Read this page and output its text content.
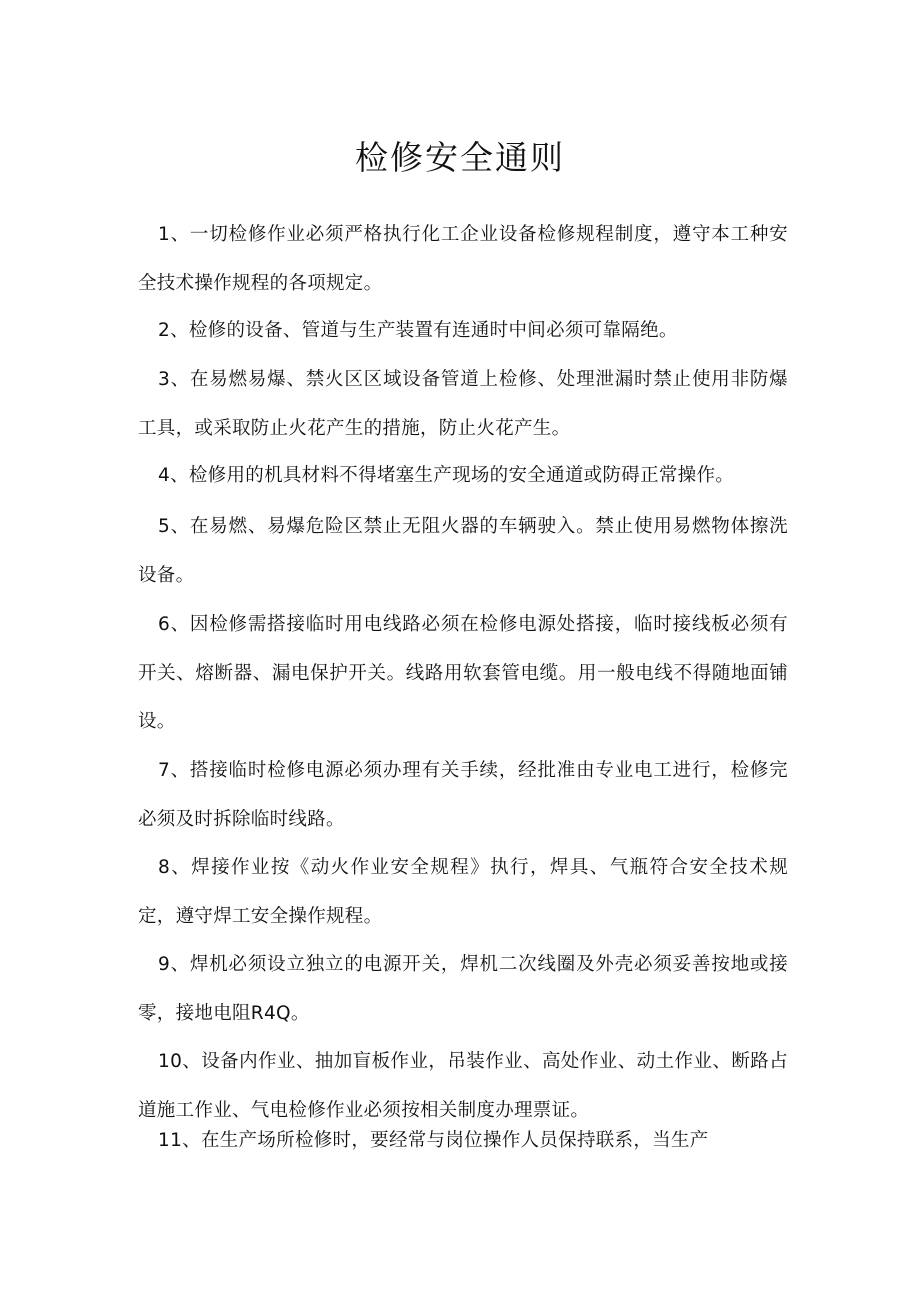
检修安全通则

1、一切检修作业必须严格执行化工企业设备检修规程制度，遵守本工种安全技术操作规程的各项规定。

2、检修的设备、管道与生产装置有连通时中间必须可靠隔绝。

3、在易燃易爆、禁火区区域设备管道上检修、处理泄漏时禁止使用非防爆工具，或采取防止火花产生的措施，防止火花产生。

4、检修用的机具材料不得堵塞生产现场的安全通道或防碍正常操作。

5、在易燃、易爆危险区禁止无阻火器的车辆驶入。禁止使用易燃物体擦洗设备。

6、因检修需搭接临时用电线路必须在检修电源处搭接，临时接线板必须有开关、熔断器、漏电保护开关。线路用软套管电缆。用一般电线不得随地面铺设。

7、搭接临时检修电源必须办理有关手续，经批准由专业电工进行，检修完必须及时拆除临时线路。

8、焊接作业按《动火作业安全规程》执行，焊具、气瓶符合安全技术规定，遵守焊工安全操作规程。

9、焊机必须设立独立的电源开关，焊机二次线圈及外壳必须妥善按地或接零，接地电阻R4Q。

10、设备内作业、抽加盲板作业，吊装作业、高处作业、动土作业、断路占道施工作业、气电检修作业必须按相关制度办理票证。

11、在生产场所检修时，要经常与岗位操作人员保持联系，当生产
